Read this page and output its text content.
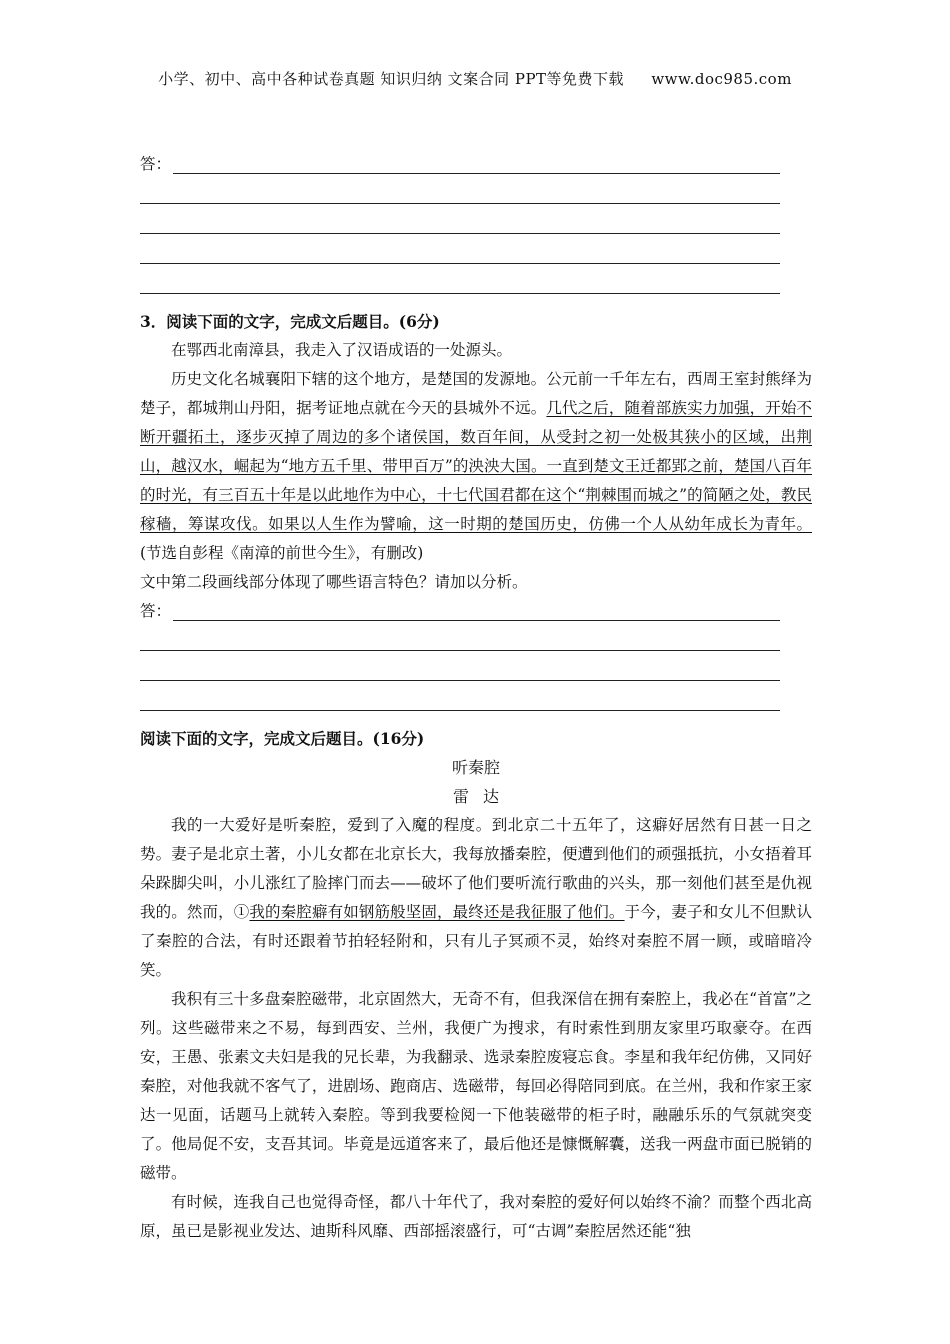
小学、初中、高中各种试卷真题 知识归纳 文案合同 PPT等免费下载 www.doc985.com
答：

3．阅读下面的文字，完成文后题目。(6分)

在鄂西北南漳县，我走入了汉语成语的一处源头。

历史文化名城襄阳下辖的这个地方，是楚国的发源地。公元前一千年左右，西周王室封熊绎为楚子，都城荆山丹阳，据考证地点就在今天的县城外不远。几代之后，随着部族实力加强，开始不断开疆拓土，逐步灭掉了周边的多个诸侯国，数百年间，从受封之初一处极其狭小的区域，出荆山，越汉水，崛起为“地方五千里、带甲百万”的泱泱大国。一直到楚文王迁都郢之前，楚国八百年的时光，有三百五十年是以此地作为中心，十七代国君都在这个“荆棘围而城之”的简陋之处，教民稼穑，筹谋攻伐。如果以人生作为譬喻，这一时期的楚国历史，仿佛一个人从幼年成长为青年。(节选自彭程《南漳的前世今生》，有删改)

文中第二段画线部分体现了哪些语言特色？请加以分析。

答：

阅读下面的文字，完成文后题目。(16分)

听秦腔

雷达

我的一大爱好是听秦腔，爱到了入魔的程度。到北京二十五年了，这癖好居然有日甚一日之势。妻子是北京土著，小儿女都在北京长大，我每放播秦腔，便遭到他们的顽强抵抗，小女捂着耳朵跺脚尖叫，小儿涨红了脸摔门而去——破坏了他们要听流行歌曲的兴头，那一刻他们甚至是仇视我的。然而，①我的秦腔癖有如钢筋般坚固，最终还是我征服了他们。于今，妻子和女儿不但默认了秦腔的合法，有时还跟着节拍轻轻附和，只有儿子冥顽不灵，始终对秦腔不屑一顾，或暗暗冷笑。

我积有三十多盘秦腔磁带，北京固然大，无奇不有，但我深信在拥有秦腔上，我必在“首富”之列。这些磁带来之不易，每到西安、兰州，我便广为搜求，有时索性到朋友家里巧取豪夺。在西安，王愚、张素文夫妇是我的兄长辈，为我翻录、选录秦腔废寝忘食。李星和我年纪仿佛，又同好秦腔，对他我就不客气了，进剧场、跑商店、选磁带，每回必得陪同到底。在兰州，我和作家王家达一见面，话题马上就转入秦腔。等到我要检阅一下他装磁带的柜子时，融融乐乐的气氛就突变了。他局促不安，支吾其词。毕竟是远道客来了，最后他还是慷慨解囊，送我一两盘市面已脱销的磁带。

有时候，连我自己也觉得奇怪，都八十年代了，我对秦腔的爱好何以始终不渝？而整个西北高原，虽已是影视业发达、迪斯科风靡、西部摇滚盛行，可“古调”秦腔居然还能“独
